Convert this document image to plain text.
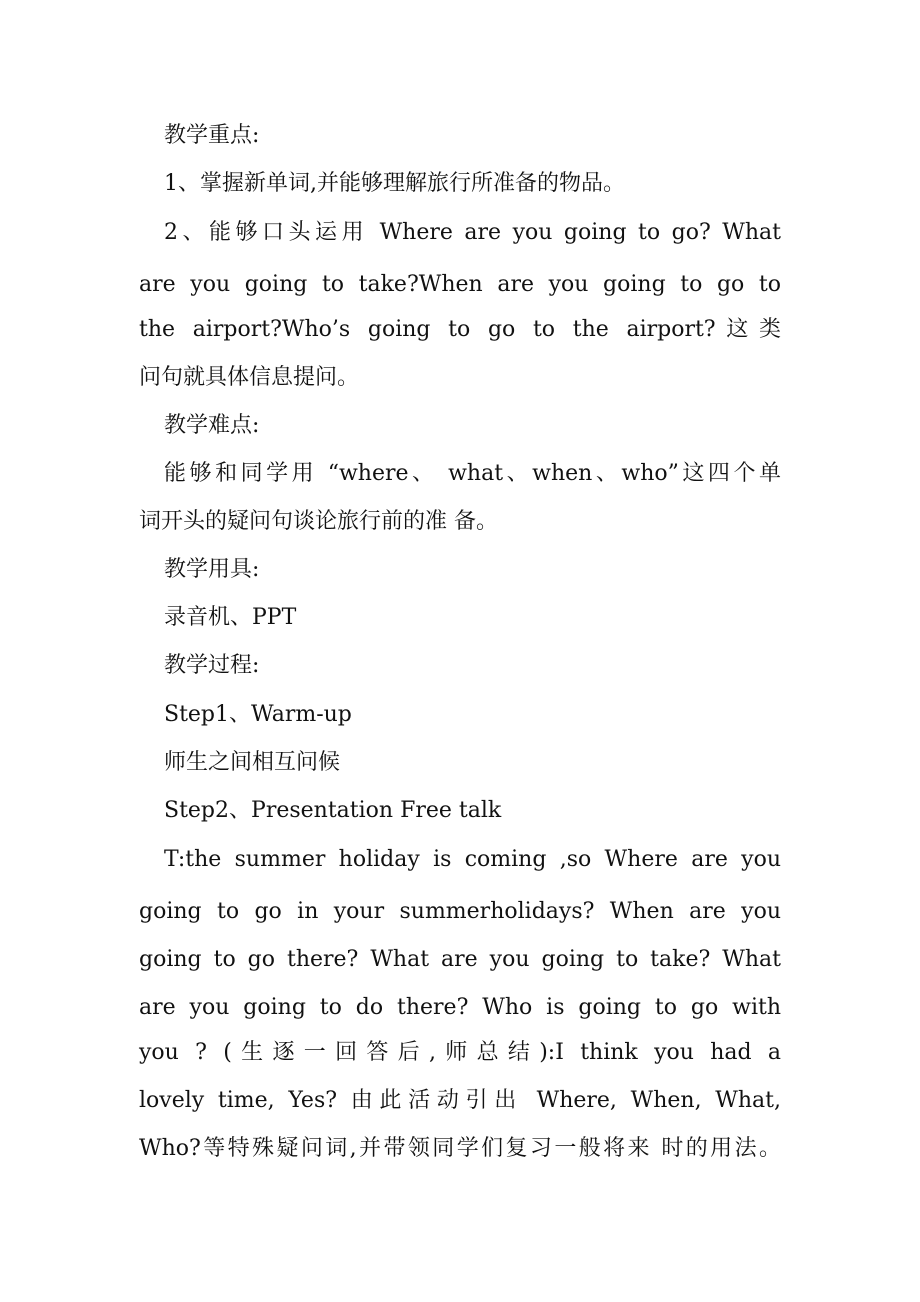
教学重点:
1、掌握新单词,并能够理解旅行所准备的物品。
2、能够口头运用 Where are you going to go? What
are you going to take?When are you going to go to
the airport?Who’s going to go to the airport?这类
问句就具体信息提问。
教学难点:
能够和同学用 “where、 what、when、who”这四个单
词开头的疑问句谈论旅行前的准 备。
教学用具:
录音机、PPT
教学过程:
Step1、Warm-up
师生之间相互问候
Step2、Presentation Free talk
T:the summer holiday is coming ,so Where are you
going to go in your summerholidays? When are you
going to go there? What are you going to take? What
are you going to do there? Who is going to go with
you ? (生逐一回答后,师总结):I think you had a
lovely time, Yes? 由此活动引出 Where, When, What,
Who?等特殊疑问词,并带领同学们复习一般将来 时的用法。
